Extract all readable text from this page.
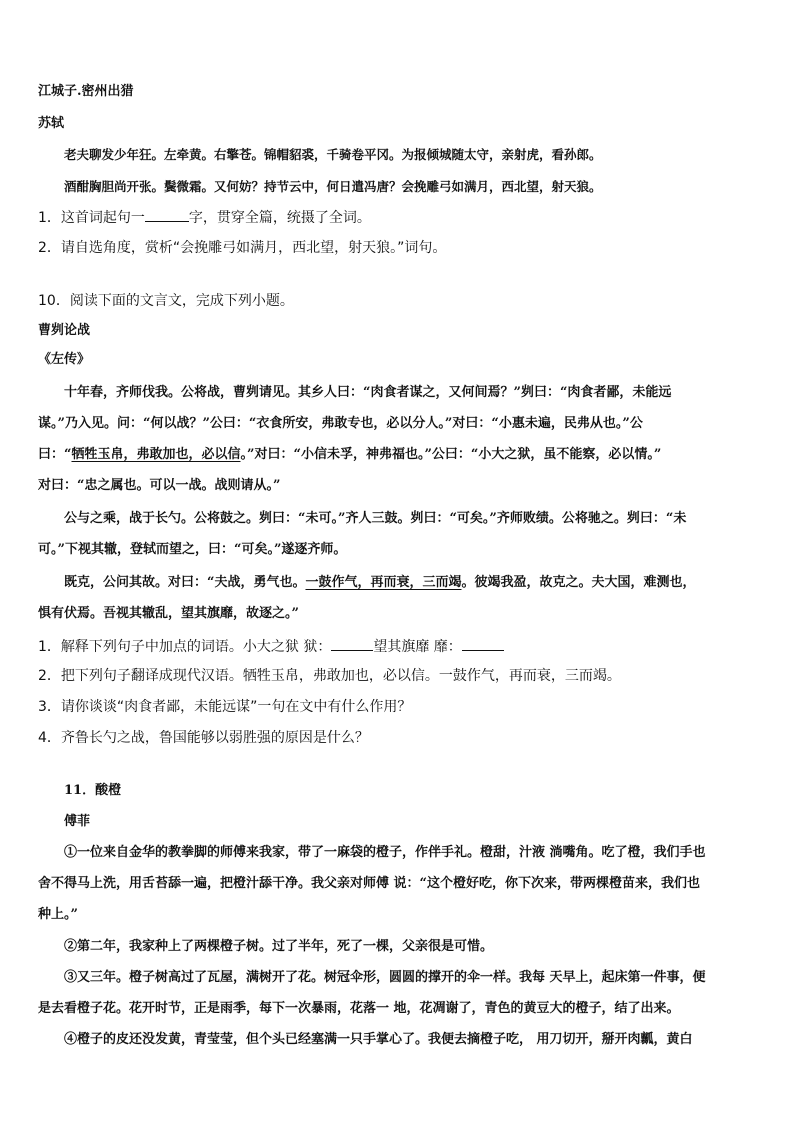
江城子.密州出猎
苏轼
老夫聊发少年狂。左牵黄。右擎苍。锦帽貂裘，千骑卷平冈。为报倾城随太守，亲射虎，看孙郎。
酒酣胸胆尚开张。鬓微霜。又何妨？持节云中，何日遣冯唐？会挽雕弓如满月，西北望，射天狼。
1．这首词起句一	字，贯穿全篇，统摄了全词。
2．请自选角度，赏析“会挽雕弓如满月，西北望，射天狼。”词句。
10．阅读下面的文言文，完成下列小题。
曹刿论战
《左传》
十年春，齐师伐我。公将战，曹刿请见。其乡人曰：“肉食者谋之，又何间焉？”刿曰：“肉食者鄙，未能远
谋。”乃入见。问：“何以战？”公曰：“衣食所安，弗敢专也，必以分人。”对曰：“小惠未遍，民弗从也。”公
曰：“牺牲玉帛，弗敢加也，必以信。”对曰：“小信未孚，神弗福也。”公曰：“小大之狱，虽不能察，必以情。”
对曰：“忠之属也。可以一战。战则请从。”
公与之乘，战于长勺。公将鼓之。刿曰：“未可。”齐人三鼓。刿曰：“可矣。”齐师败绩。公将驰之。刿曰：“未
可。”下视其辙，登轼而望之，曰：“可矣。”遂逐齐师。
既克，公问其故。对曰：“夫战，勇气也。一鼓作气，再而衰，三而竭。彼竭我盈，故克之。夫大国，难测也，
惧有伏焉。吾视其辙乱，望其旗靡，故逐之。”
1．解释下列句子中加点的词语。小大之狱 狱：	望其旗靡 靡：
2．把下列句子翻译成现代汉语。牺牲玉帛，弗敢加也，必以信。一鼓作气，再而衰，三而竭。
3．请你谈谈“肉食者鄙，未能远谋”一句在文中有什么作用？
4．齐鲁长勺之战，鲁国能够以弱胜强的原因是什么？
11．酸橙
傅菲
①一位来自金华的教拳脚的师傅来我家，带了一麻袋的橙子，作伴手礼。橙甜，汁液 淌嘴角。吃了橙，我们手也
舍不得马上洗，用舌苔舔一遍，把橙汁舔干净。我父亲对师傅 说：“这个橙好吃，你下次来，带两棵橙苗来，我们也
种上。”
②第二年，我家种上了两棵橙子树。过了半年，死了一棵，父亲很是可惜。
③又三年。橙子树高过了瓦屋，满树开了花。树冠伞形，圆圆的撑开的伞一样。我每 天早上，起床第一件事，便
是去看橙子花。花开时节，正是雨季，每下一次暴雨，花落一 地，花凋谢了，青色的黄豆大的橙子，结了出来。
④橙子的皮还没发黄，青莹莹，但个头已经塞满一只手掌心了。我便去摘橙子吃， 用刀切开，掰开肉瓤，黄白
